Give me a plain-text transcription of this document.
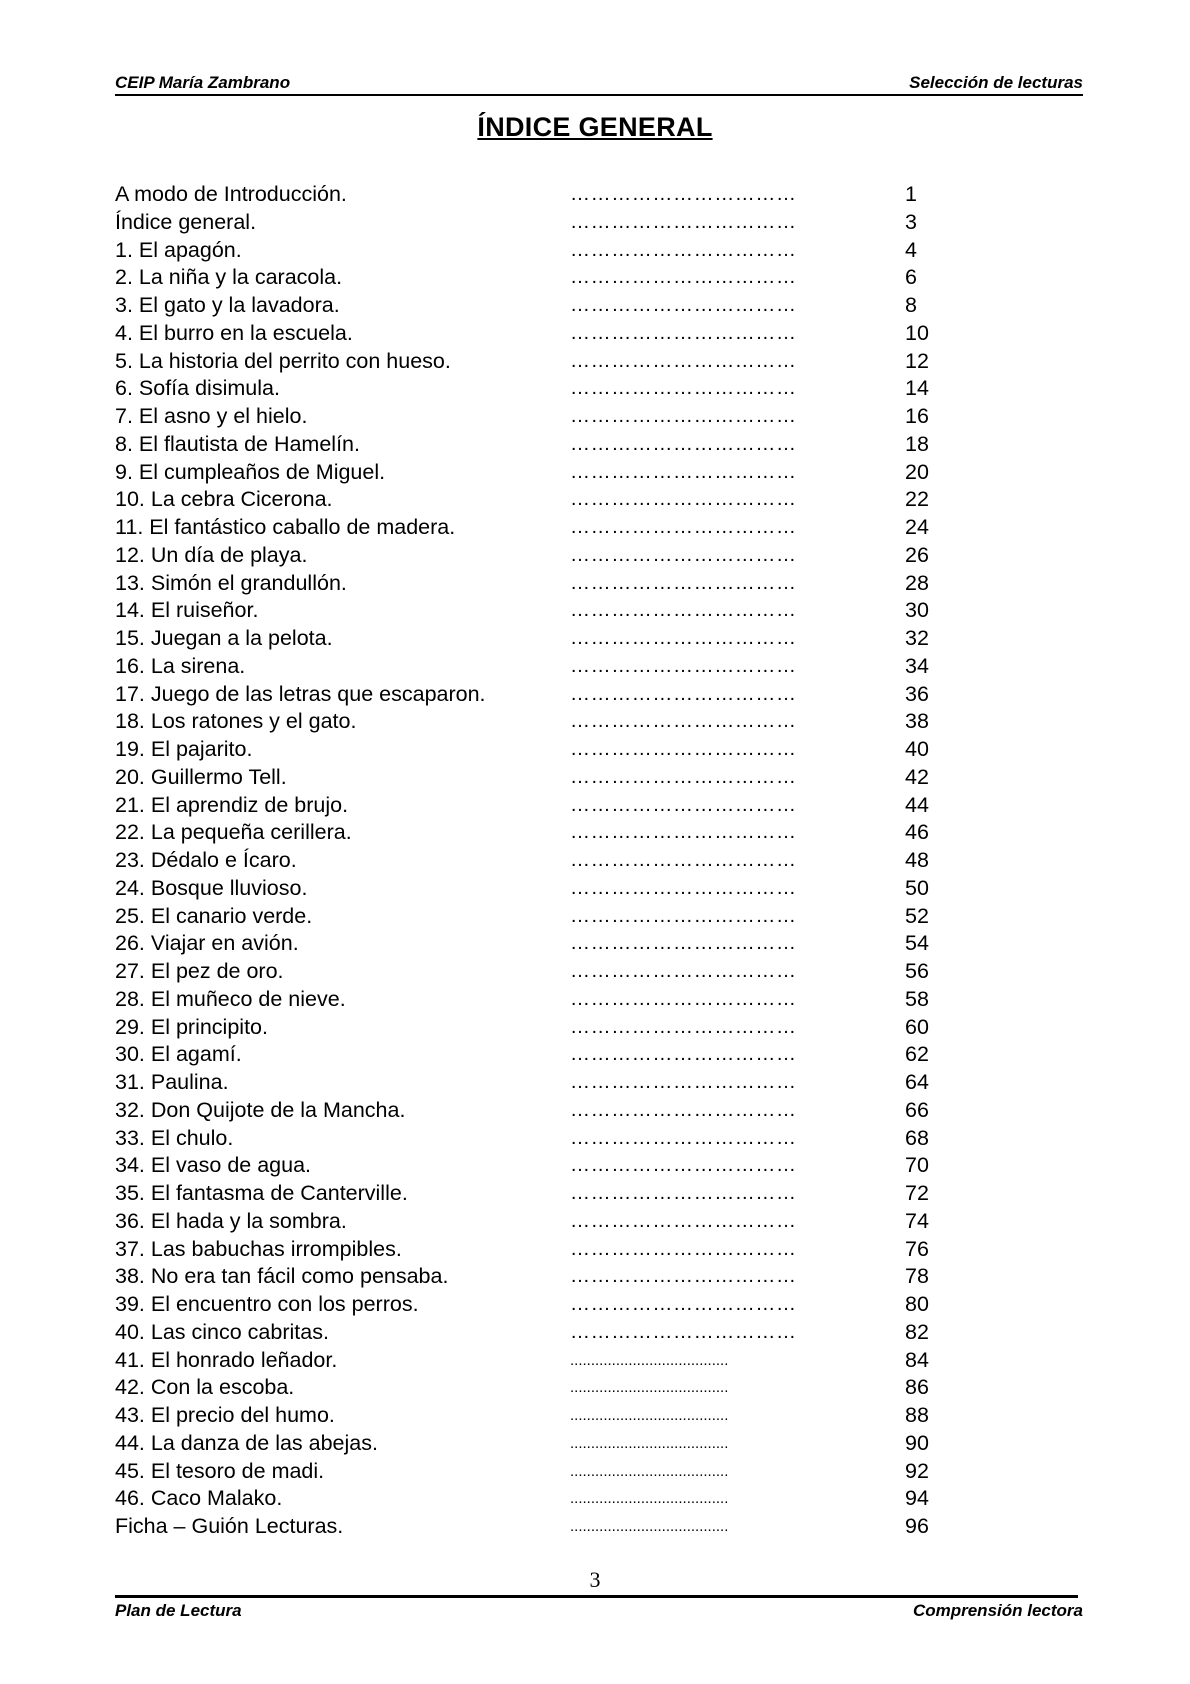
CEIP María Zambrano	Selección de lecturas
ÍNDICE GENERAL
A modo de Introducción.	……………………………	1
Índice general.	……………………………	3
1. El apagón.	……………………………	4
2. La niña y la caracola.	……………………………	6
3. El gato y la lavadora.	……………………………	8
4. El burro en la escuela.	……………………………	10
5. La historia del perrito con hueso.	……………………………	12
6. Sofía disimula.	……………………………	14
7. El asno y el hielo.	……………………………	16
8. El flautista de Hamelín.	……………………………	18
9. El cumpleaños de Miguel.	……………………………	20
10. La cebra Cicerona.	……………………………	22
11. El fantástico caballo de madera.	……………………………	24
12. Un día de playa.	……………………………	26
13. Simón el grandullón.	……………………………	28
14. El ruiseñor.	……………………………	30
15. Juegan a la pelota.	……………………………	32
16. La sirena.	……………………………	34
17. Juego de las letras que escaparon.	……………………………	36
18. Los ratones y el gato.	……………………………	38
19. El pajarito.	……………………………	40
20. Guillermo Tell.	……………………………	42
21. El aprendiz de brujo.	……………………………	44
22. La pequeña cerillera.	……………………………	46
23. Dédalo e Ícaro.	……………………………	48
24. Bosque lluvioso.	……………………………	50
25. El canario verde.	……………………………	52
26. Viajar en avión.	……………………………	54
27. El pez de oro.	……………………………	56
28. El muñeco de nieve.	……………………………	58
29. El principito.	……………………………	60
30. El agamí.	……………………………	62
31. Paulina.	……………………………	64
32. Don Quijote de la Mancha.	……………………………	66
33. El chulo.	……………………………	68
34. El vaso de agua.	……………………………	70
35. El fantasma de Canterville.	……………………………	72
36. El hada y la sombra.	……………………………	74
37. Las babuchas irrompibles.	……………………………	76
38. No era tan fácil como pensaba.	……………………………	78
39. El encuentro con los perros.	……………………………	80
40. Las cinco cabritas.	……………………………	82
41. El honrado leñador.	......................................	84
42. Con la escoba.	......................................	86
43. El precio del humo.	......................................	88
44. La danza de las abejas.	......................................	90
45. El tesoro de madi.	......................................	92
46. Caco Malako.	......................................	94
Ficha – Guión Lecturas.	......................................	96
3
Plan de Lectura	Comprensión lectora
